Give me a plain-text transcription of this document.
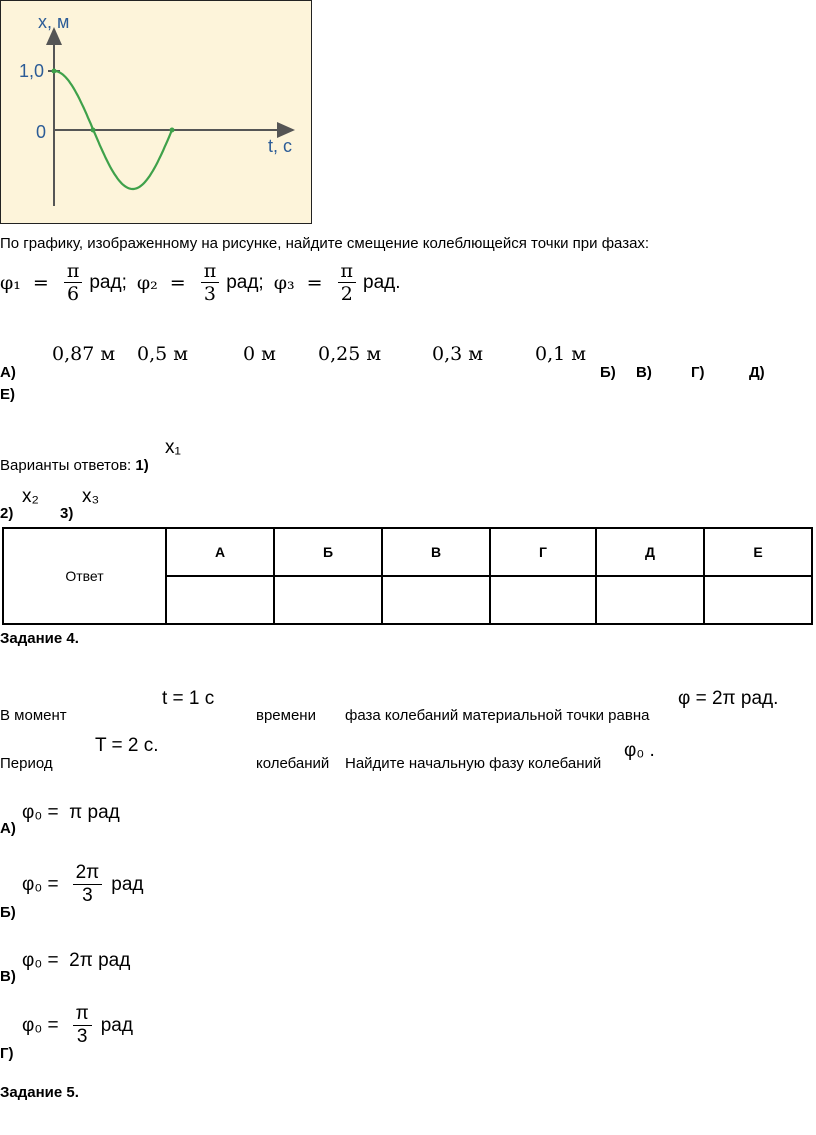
x, м
t, с
1,0
0
По графику, изображенному на рисунке, найдите смещение колеблющейся точки при фазах:
$\varphi_1 = \frac{\pi}{6}$ рад; $\varphi_2 = \frac{\pi}{3}$ рад; $\varphi_3 = \frac{\pi}{2}$ рад.
0,87 м 0,5 м	0 м 0,25 м	0,3 м	0,1 м
А)	Б) В)	Г)	Д)
Е)
Варианты ответов: 1)
x₁
2)
x₂
3)
x₃
Ответ	А	Б	В	Г	Д	Е

Задание 4.
t = 1 с	φ = 2π рад.
В момент	времени фаза колебаний материальной точки равна
T = 2 с.	φ₀ .
Период	колебаний Найдите начальную фазу колебаний
φ₀ = π рад
А)
$\varphi_0 = \frac{2\pi}{3}$ рад
Б)
φ₀ = 2π рад
В)
$\varphi_0 = \frac{\pi}{3}$ рад
Г)
Задание 5.
